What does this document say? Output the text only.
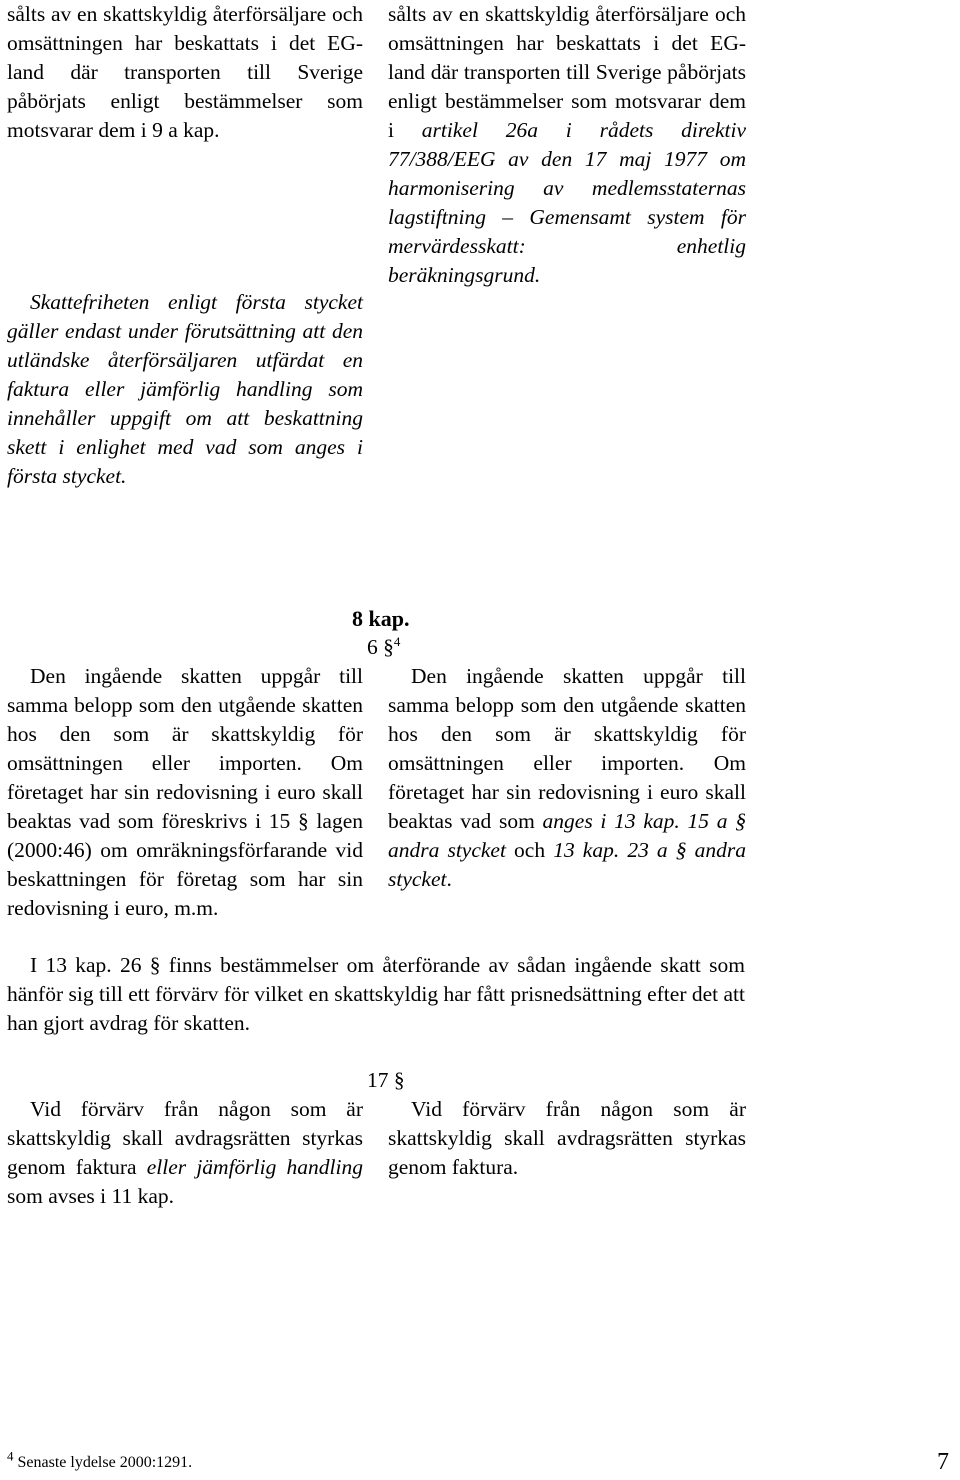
sålts av en skattskyldig återförsäljare och omsättningen har beskattats i det EG-land där transporten till Sverige påbörjats enligt bestämmelser som motsvarar dem i 9 a kap.

Skattefriheten enligt första stycket gäller endast under förutsättning att den utländske återförsäljaren utfärdat en faktura eller jämförlig handling som innehåller uppgift om att beskattning skett i enlighet med vad som anges i första stycket.

sålts av en skattskyldig återförsäljare och omsättningen har beskattats i det EG-land där transporten till Sverige påbörjats enligt bestämmelser som motsvarar dem i artikel 26a i rådets direktiv 77/388/EEG av den 17 maj 1977 om harmonisering av medlemsstaternas lagstiftning – Gemensamt system för mervärdesskatt: enhetlig beräkningsgrund.

8 kap.
6 §$^4$
Den ingående skatten uppgår till samma belopp som den utgående skatten hos den som är skattskyldig för omsättningen eller importen. Om företaget har sin redovisning i euro skall beaktas vad som föreskrivs i 15 § lagen (2000:46) om omräkningsförfarande vid beskattningen för företag som har sin redovisning i euro, m.m.
Den ingående skatten uppgår till samma belopp som den utgående skatten hos den som är skattskyldig för omsättningen eller importen. Om företaget har sin redovisning i euro skall beaktas vad som anges i 13 kap. 15 a § andra stycket och 13 kap. 23 a § andra stycket.
I 13 kap. 26 § finns bestämmelser om återförande av sådan ingående skatt som hänför sig till ett förvärv för vilket en skattskyldig har fått prisnedsättning efter det att han gjort avdrag för skatten.
17 §
Vid förvärv från någon som är skattskyldig skall avdragsrätten styrkas genom faktura eller jämförlig handling som avses i 11 kap.
Vid förvärv från någon som är skattskyldig skall avdragsrätten styrkas genom faktura.
$^4$ Senaste lydelse 2000:1291.	7
